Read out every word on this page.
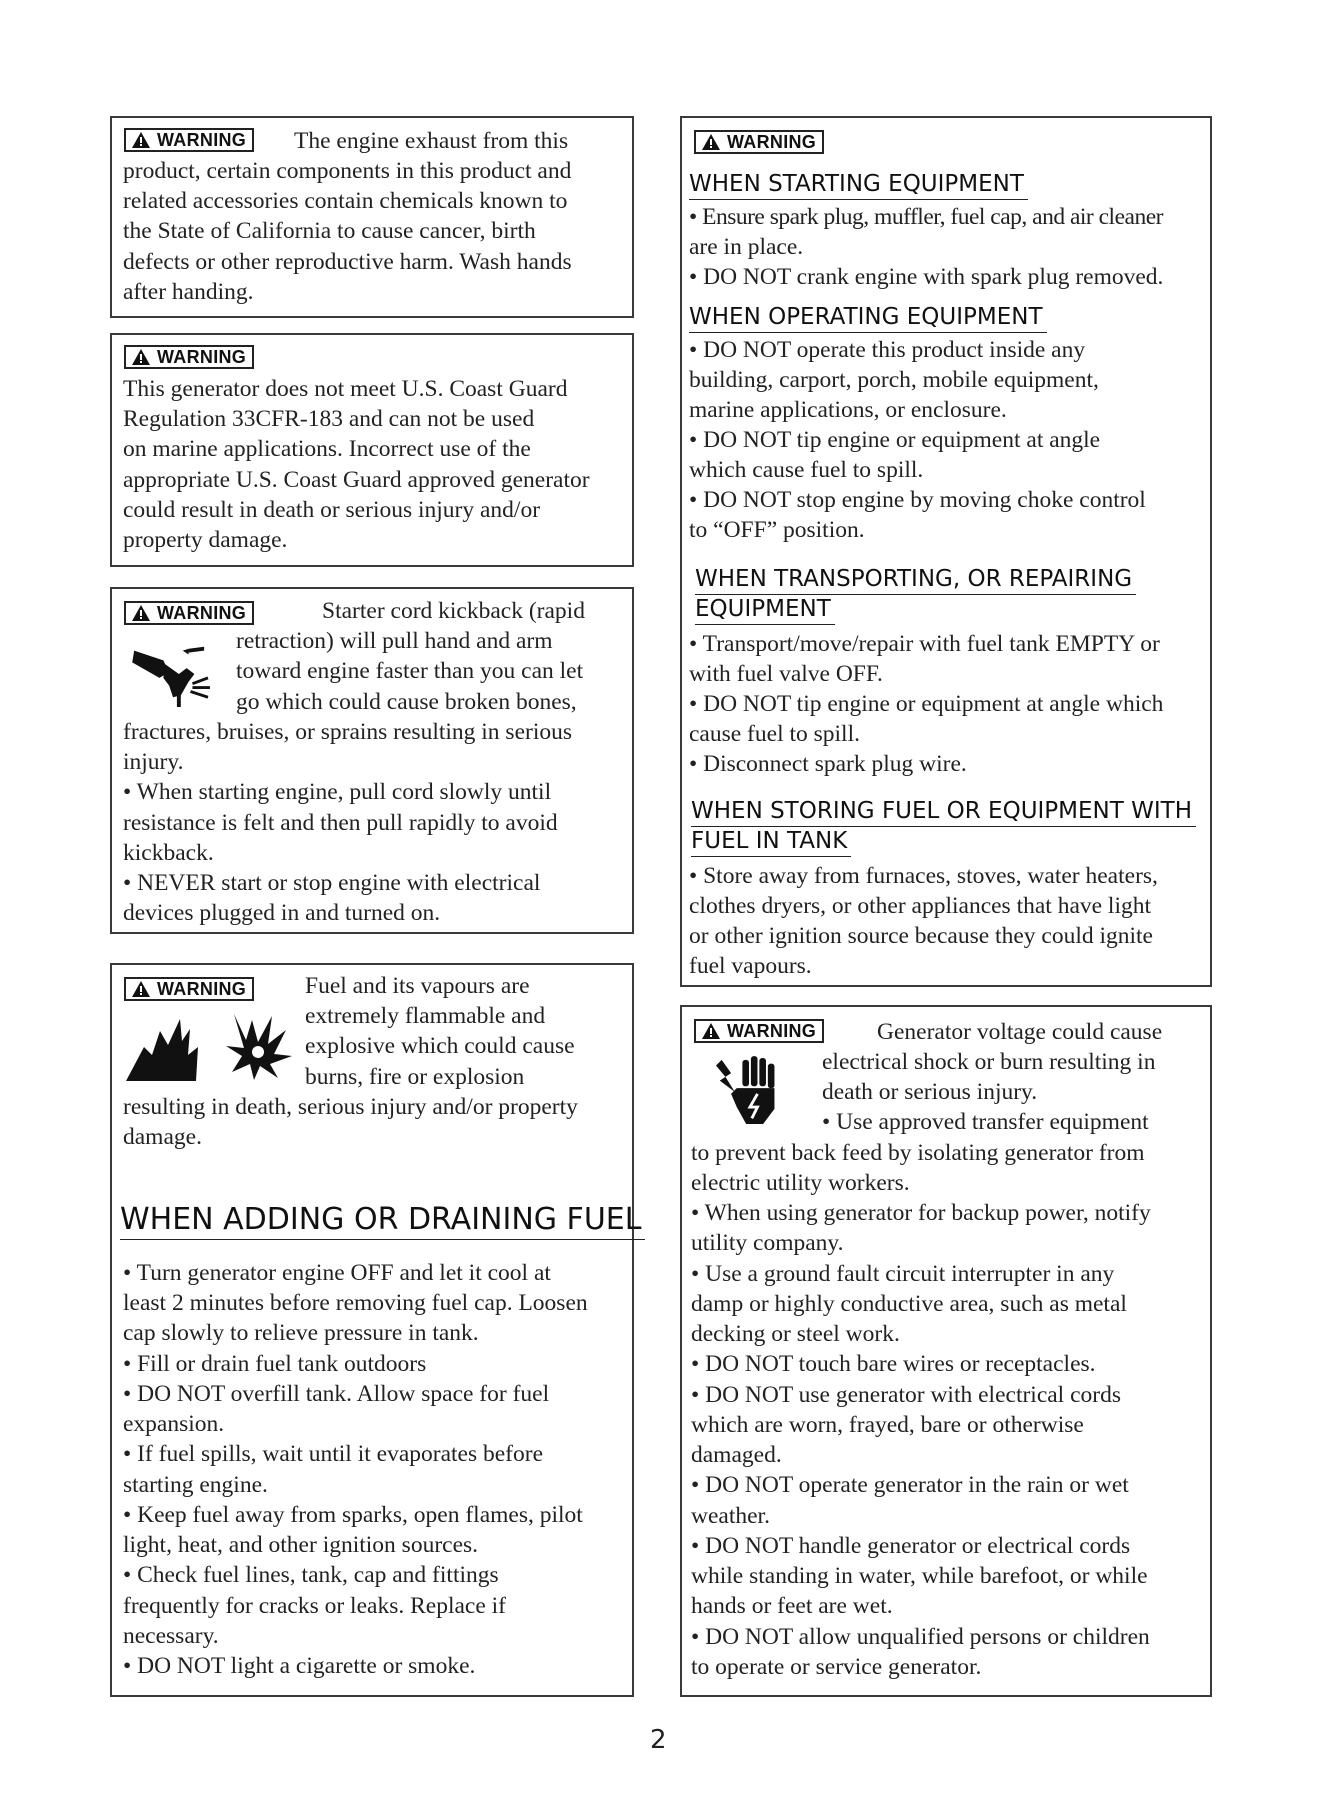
WARNING The engine exhaust from this

product, certain components in this product and

related accessories contain chemicals known to

the State of California to cause cancer, birth

defects or other reproductive harm. Wash hands

after handing.

WARNING

This generator does not meet U.S. Coast Guard

Regulation 33CFR-183 and can not be used

on marine applications. Incorrect use of the

appropriate U.S. Coast Guard approved generator

could result in death or serious injury and/or

property damage.

WARNING	Starter cord kickback (rapid

retraction) will pull hand and arm

toward engine faster than you can let

go which could cause broken bones,

fractures, bruises, or sprains resulting in serious

injury.

• When starting engine, pull cord slowly until

resistance is felt and then pull rapidly to avoid

kickback.

• NEVER start or stop engine with electrical

devices plugged in and turned on.

WARNING	Fuel and its vapours are

extremely flammable and

explosive which could cause

burns, fire or explosion

resulting in death, serious injury and/or property

damage.

WHEN ADDING OR DRAINING FUEL

• Turn generator engine OFF and let it cool at

least 2 minutes before removing fuel cap. Loosen

cap slowly to relieve pressure in tank.

• Fill or drain fuel tank outdoors

• DO NOT overfill tank. Allow space for fuel

expansion.

• If fuel spills, wait until it evaporates before

starting engine.

• Keep fuel away from sparks, open flames, pilot

light, heat, and other ignition sources.

• Check fuel lines, tank, cap and fittings

frequently for cracks or leaks. Replace if

necessary.

• DO NOT light a cigarette or smoke.

WARNING
WHEN STARTING EQUIPMENT

• Ensure spark plug, muffler, fuel cap, and air cleaner

are in place.

• DO NOT crank engine with spark plug removed.

WHEN OPERATING EQUIPMENT

• DO NOT operate this product inside any

building, carport, porch, mobile equipment,

marine applications, or enclosure.

• DO NOT tip engine or equipment at angle

which cause fuel to spill.

• DO NOT stop engine by moving choke control

to “OFF” position.

WHEN TRANSPORTING, OR REPAIRING
EQUIPMENT

• Transport/move/repair with fuel tank EMPTY or

with fuel valve OFF.

• DO NOT tip engine or equipment at angle which

cause fuel to spill.

• Disconnect spark plug wire.

WHEN STORING FUEL OR EQUIPMENT WITH
FUEL IN TANK

• Store away from furnaces, stoves, water heaters,

clothes dryers, or other appliances that have light

or other ignition source because they could ignite

fuel vapours.

WARNING	Generator voltage could cause

electrical shock or burn resulting in

death or serious injury.

• Use approved transfer equipment

to prevent back feed by isolating generator from

electric utility workers.

• When using generator for backup power, notify

utility company.

• Use a ground fault circuit interrupter in any

damp or highly conductive area, such as metal

decking or steel work.

• DO NOT touch bare wires or receptacles.

• DO NOT use generator with electrical cords

which are worn, frayed, bare or otherwise

damaged.

• DO NOT operate generator in the rain or wet

weather.

• DO NOT handle generator or electrical cords

while standing in water, while barefoot, or while

hands or feet are wet.

• DO NOT allow unqualified persons or children

to operate or service generator.

2
